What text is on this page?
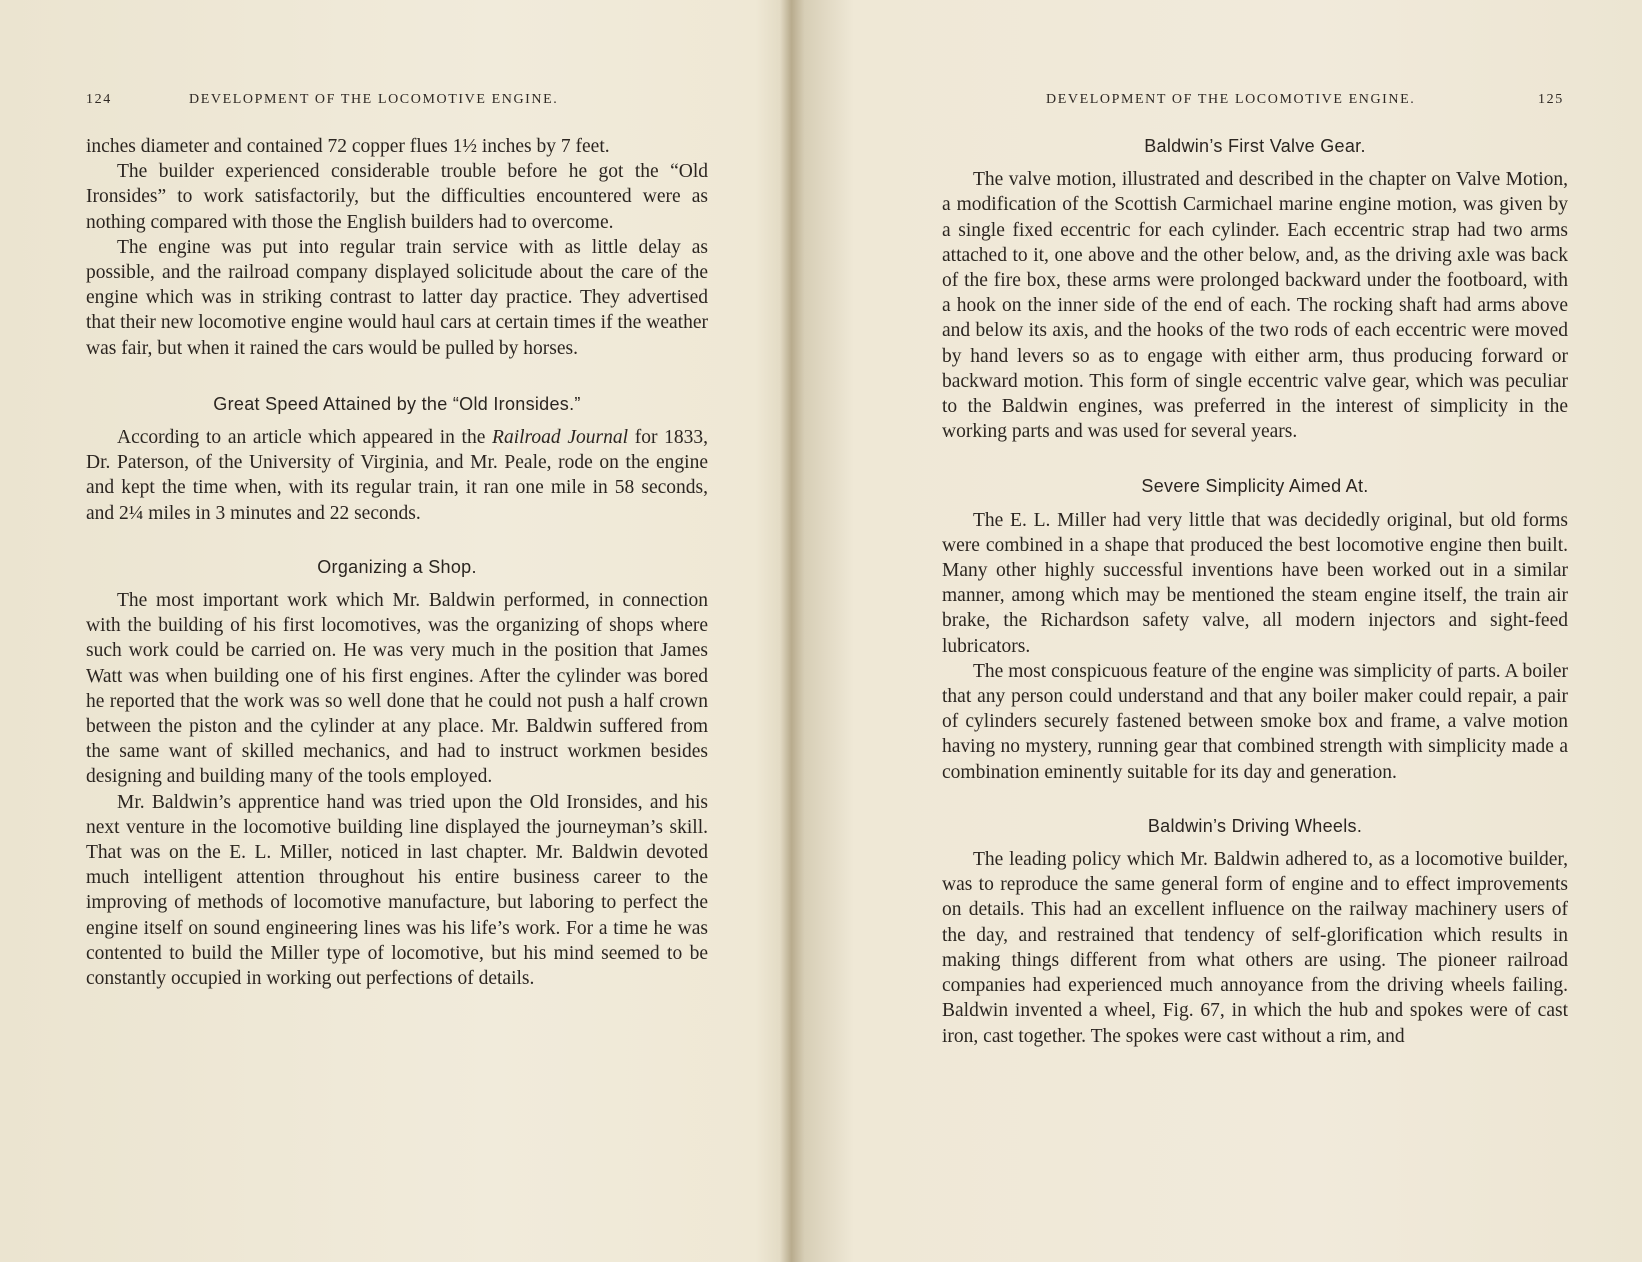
124	DEVELOPMENT OF THE LOCOMOTIVE ENGINE.

inches diameter and contained 72 copper flues 1½ inches by 7 feet.

The builder experienced considerable trouble before he got the “Old Ironsides” to work satisfactorily, but the difficulties encountered were as nothing compared with those the English builders had to overcome.

The engine was put into regular train service with as little delay as possible, and the railroad company displayed solicitude about the care of the engine which was in striking contrast to latter day practice. They advertised that their new locomotive engine would haul cars at certain times if the weather was fair, but when it rained the cars would be pulled by horses.

Great Speed Attained by the “Old Ironsides.”

According to an article which appeared in the Railroad Journal for 1833, Dr. Paterson, of the University of Virginia, and Mr. Peale, rode on the engine and kept the time when, with its regular train, it ran one mile in 58 seconds, and 2¼ miles in 3 minutes and 22 seconds.

Organizing a Shop.

The most important work which Mr. Baldwin performed, in connection with the building of his first locomotives, was the organizing of shops where such work could be carried on. He was very much in the position that James Watt was when building one of his first engines. After the cylinder was bored he reported that the work was so well done that he could not push a half crown between the piston and the cylinder at any place. Mr. Baldwin suffered from the same want of skilled mechanics, and had to instruct workmen besides designing and building many of the tools employed.

Mr. Baldwin’s apprentice hand was tried upon the Old Ironsides, and his next venture in the locomotive building line displayed the journeyman’s skill. That was on the E. L. Miller, noticed in last chapter. Mr. Baldwin devoted much intelligent attention throughout his entire business career to the improving of methods of locomotive manufacture, but laboring to perfect the engine itself on sound engineering lines was his life’s work. For a time he was contented to build the Miller type of locomotive, but his mind seemed to be constantly occupied in working out perfections of details.

DEVELOPMENT OF THE LOCOMOTIVE ENGINE.	125
Baldwin’s First Valve Gear.

The valve motion, illustrated and described in the chapter on Valve Motion, a modification of the Scottish Carmichael marine engine motion, was given by a single fixed eccentric for each cylinder. Each eccentric strap had two arms attached to it, one above and the other below, and, as the driving axle was back of the fire box, these arms were prolonged backward under the footboard, with a hook on the inner side of the end of each. The rocking shaft had arms above and below its axis, and the hooks of the two rods of each eccentric were moved by hand levers so as to engage with either arm, thus producing forward or backward motion. This form of single eccentric valve gear, which was peculiar to the Baldwin engines, was preferred in the interest of simplicity in the working parts and was used for several years.

Severe Simplicity Aimed At.

The E. L. Miller had very little that was decidedly original, but old forms were combined in a shape that produced the best locomotive engine then built. Many other highly successful inventions have been worked out in a similar manner, among which may be mentioned the steam engine itself, the train air brake, the Richardson safety valve, all modern injectors and sight-feed lubricators.

The most conspicuous feature of the engine was simplicity of parts. A boiler that any person could understand and that any boiler maker could repair, a pair of cylinders securely fastened between smoke box and frame, a valve motion having no mystery, running gear that combined strength with simplicity made a combination eminently suitable for its day and generation.

Baldwin’s Driving Wheels.

The leading policy which Mr. Baldwin adhered to, as a locomotive builder, was to reproduce the same general form of engine and to effect improvements on details. This had an excellent influence on the railway machinery users of the day, and restrained that tendency of self-glorification which results in making things different from what others are using. The pioneer railroad companies had experienced much annoyance from the driving wheels failing. Baldwin invented a wheel, Fig. 67, in which the hub and spokes were of cast iron, cast together. The spokes were cast without a rim, and
